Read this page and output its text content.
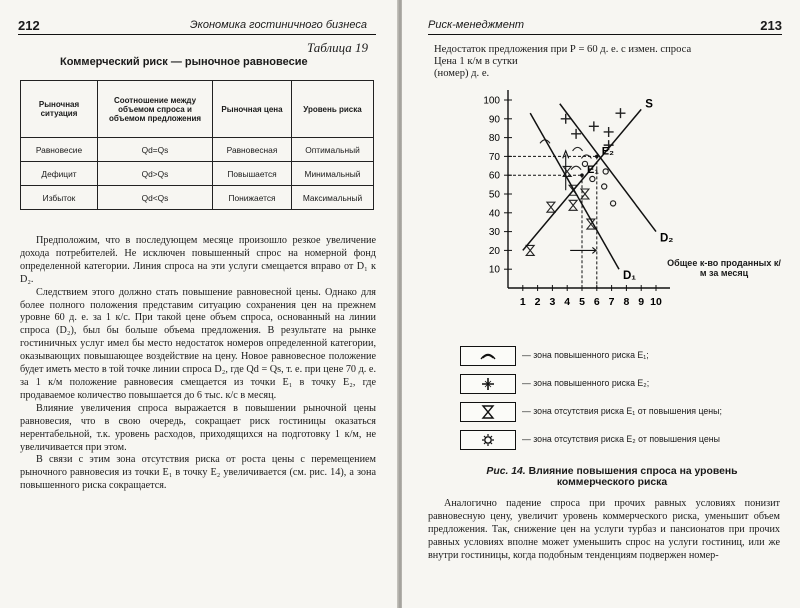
212	Экономика гостиничного бизнеса
Таблица 19
Коммерческий риск — рыночное равновесие
Рыночная ситуация	Соотношение между объемом спроса и объемом предложения	Рыночная цена	Уровень риска
Равновесие	Qd=Qs	Равновесная	Оптимальный
Дефицит	Qd>Qs	Повышается	Минимальный
Избыток	Qd<Qs	Понижается	Максимальный

Предположим, что в последующем месяце произошло резкое увеличение дохода потребителей. Не исключен повышенный спрос на номерной фонд определенной категории. Линия спроса на эти услуги смещается вправо от D₁ к D₂.

Следствием этого должно стать повышение равновесной цены. Однако для более полного положения представим ситуацию сохранения цен на прежнем уровне 60 д. е. за 1 к/с. При такой цене объем спроса, основанный на линии спроса (D₂), был бы больше объема предложения. В результате на рынке гостиничных услуг имел бы место недостаток номеров определенной категории, оказывающих повышающее воздействие на цену. Новое равновесное положение будет иметь место в той точке линии спроса D₂, где Qd = Qs, т. е. при цене 70 д. е. за 1 к/м положение равновесия смещается из точки E₁ в точку E₂, где продаваемое количество повышается до 6 тыс. к/с в месяц.

Влияние увеличения спроса выражается в повышении рыночной цены равновесия, что в свою очередь, сокращает риск гостиницы оказаться нерентабельной, т.к. уровень расходов, приходящихся на подготовку 1 к/м, не увеличивается при этом.

В связи с этим зона отсутствия риска от роста цены с перемещением рыночного равновесия из точки E₁ в точку E₂ увеличивается (см. рис. 14), а зона повышенного риска сокращается.

Риск-менеджмент	213
Недостаток предложения при Р = 60 д. е. с измен. спроса
Цена 1 к/м в сутки
(номер) д. е.
10
20
30
40
50
60
70
80
90
100
1 2 3 4 5 6 7 8 9 10
S
D₁
D₂
E₁
E₂
Общее к-во проданных к/м за месяц
— зона повышенного риска E₁;
— зона повышенного риска E₂;
— зона отсутствия риска E₁ от повышения цены;
— зона отсутствия риска E₂ от повышения цены
Рис. 14. Влияние повышения спроса на уровень коммерческого риска

Аналогично падение спроса при прочих равных условиях понизит равновесную цену, увеличит уровень коммерческого риска, уменьшит объем предложения. Так, снижение цен на услуги турбаз и пансионатов при прочих равных условиях вполне может уменьшить спрос на услуги гостиниц, или же внутри гостиницы, когда подобным тенденциям подвержен номер-
